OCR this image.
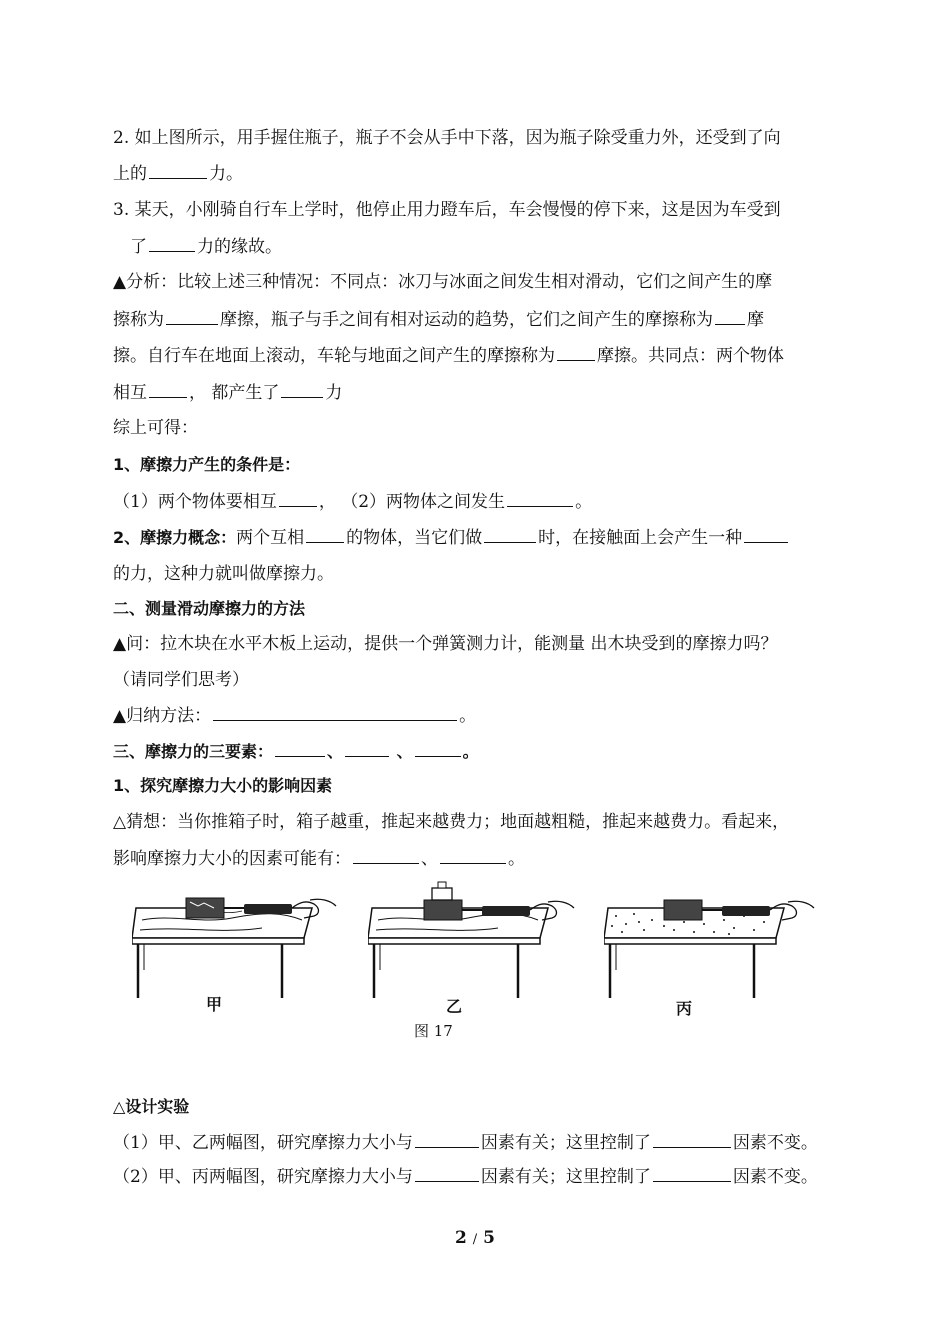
2. 如上图所示，用手握住瓶子，瓶子不会从手中下落，因为瓶子除受重力外，还受到了向
上的	力。
3. 某天，小刚骑自行车上学时，他停止用力蹬车后，车会慢慢的停下来，这是因为车受到
了	力的缘故。
▲分析：比较上述三种情况：不同点：冰刀与冰面之间发生相对滑动，它们之间产生的摩
擦称为	摩擦，瓶子与手之间有相对运动的趋势，它们之间产生的摩擦称为 摩
擦。自行车在地面上滚动，车轮与地面之间产生的摩擦称为 摩擦。共同点：两个物体
相互 ， 都产生了	力
综上可得：
1、摩擦力产生的条件是：
（1）两个物体要相互 ， （2）两物体之间发生	。
2、摩擦力概念：两个互相 的物体，当它们做	时，在接触面上会产生一种
的力，这种力就叫做摩擦力。
二、测量滑动摩擦力的方法
▲问：拉木块在水平木板上运动，提供一个弹簧测力计，能测量 出木块受到的摩擦力吗？
（请同学们思考）
▲归纳方法：	。
三、摩擦力的三要素：	、	、	。
1、探究摩擦力大小的影响因素
△猜想：当你推箱子时，箱子越重，推起来越费力；地面越粗糙，推起来越费力。看起来，
影响摩擦力大小的因素可能有：	、	。
甲	乙	丙
图 17
△设计实验
（1）甲、乙两幅图，研究摩擦力大小与	因素有关；这里控制了	因素不变。
（2）甲、丙两幅图，研究摩擦力大小与	因素有关；这里控制了	因素不变。
2 / 5
